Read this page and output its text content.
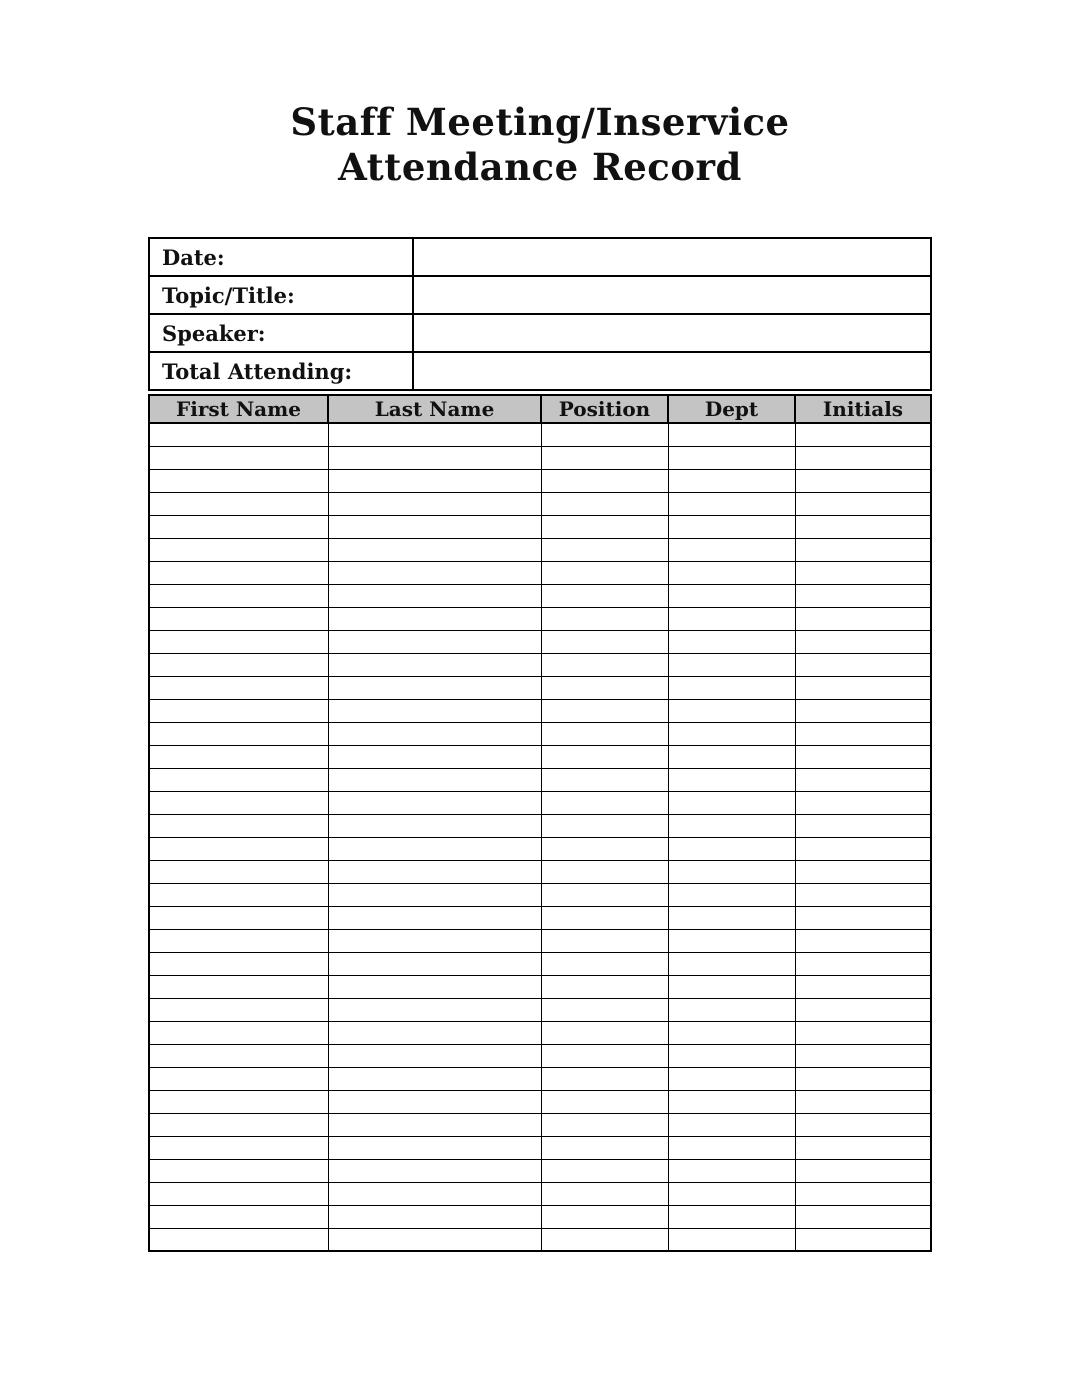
Staff Meeting/Inservice
Attendance Record
Date:	
Topic/Title:	
Speaker:	
Total Attending:	
First Name	Last Name	Position	Dept	Initials
